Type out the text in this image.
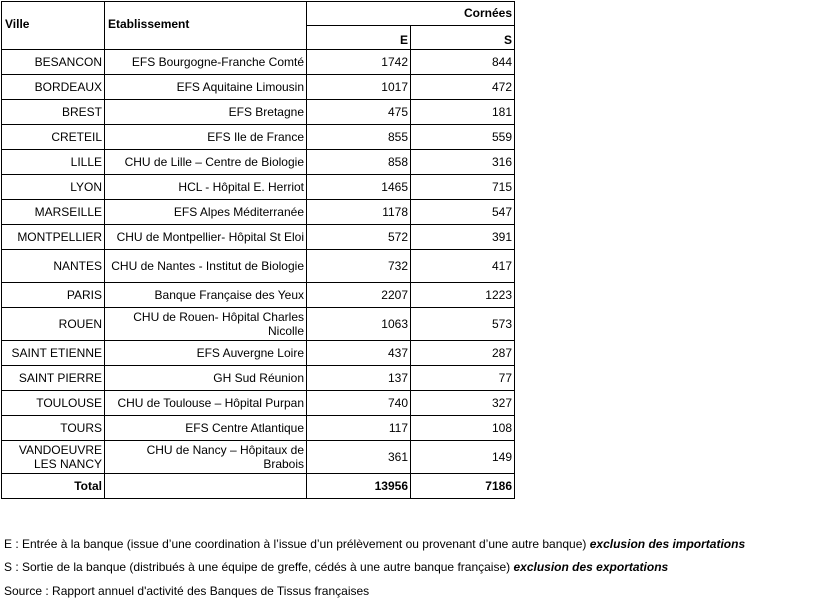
Ville	Etablissement	Cornées	
		E	S
BESANCON	EFS Bourgogne-Franche Comté	1742	844
BORDEAUX	EFS Aquitaine Limousin	1017	472
BREST	EFS Bretagne	475	181
CRETEIL	EFS Ile de France	855	559
LILLE	CHU de Lille – Centre de Biologie	858	316
LYON	HCL - Hôpital E. Herriot	1465	715
MARSEILLE	EFS Alpes Méditerranée	1178	547
MONTPELLIER	CHU de Montpellier- Hôpital St Eloi	572	391
NANTES	CHU de Nantes - Institut de Biologie	732	417
PARIS	Banque Française des Yeux	2207	1223
ROUEN	CHU de Rouen- Hôpital Charles Nicolle	1063	573
SAINT ETIENNE	EFS Auvergne Loire	437	287
SAINT PIERRE	GH Sud Réunion	137	77
TOULOUSE	CHU de Toulouse – Hôpital Purpan	740	327
TOURS	EFS Centre Atlantique	117	108
VANDOEUVRE LES NANCY	CHU de Nancy – Hôpitaux de Brabois	361	149
Total		13956	7186
E : Entrée à la banque (issue d’une coordination à l’issue d’un prélèvement ou provenant d’une autre banque) exclusion des importations
S : Sortie de la banque (distribués à une équipe de greffe, cédés à une autre banque française) exclusion des exportations
Source : Rapport annuel d'activité des Banques de Tissus françaises
